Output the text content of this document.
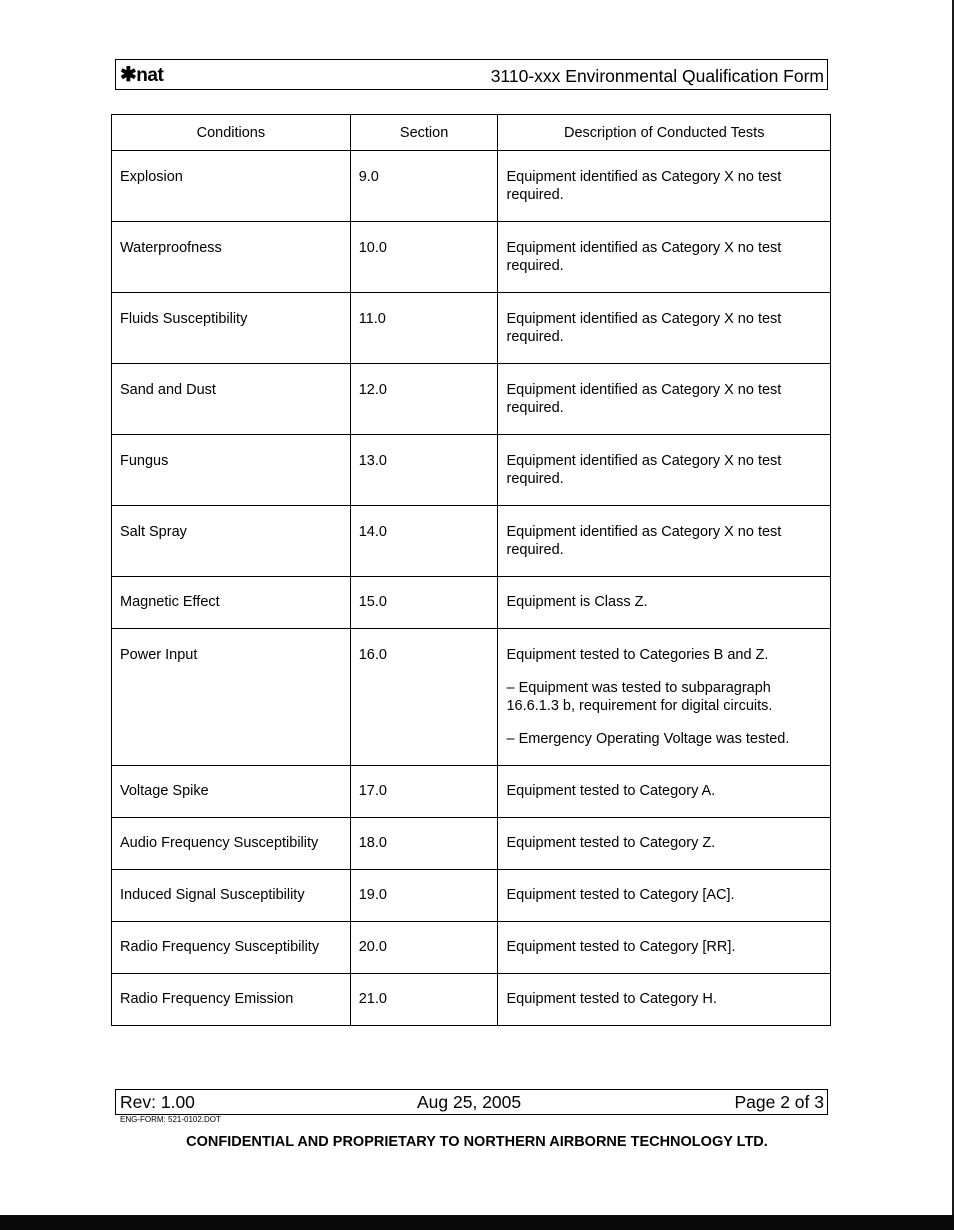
✱nat	3110-xxx Environmental Qualification Form
Conditions	Section	Description of Conducted Tests
Explosion	9.0	Equipment identified as Category X no test required.

Waterproofness	10.0	Equipment identified as Category X no test required.

Fluids Susceptibility	11.0	Equipment identified as Category X no test required.

Sand and Dust	12.0	Equipment identified as Category X no test required.

Fungus	13.0	Equipment identified as Category X no test required.

Salt Spray	14.0	Equipment identified as Category X no test required.

Magnetic Effect	15.0	Equipment is Class Z.

Power Input	16.0	Equipment tested to Categories B and Z.
– Equipment was tested to subparagraph 16.6.1.3 b, requirement for digital circuits.
– Emergency Operating Voltage was tested.

Voltage Spike	17.0	Equipment tested to Category A.

Audio Frequency Susceptibility	18.0	Equipment tested to Category Z.

Induced Signal Susceptibility	19.0	Equipment tested to Category [AC].

Radio Frequency Susceptibility	20.0	Equipment tested to Category [RR].

Radio Frequency Emission	21.0	Equipment tested to Category H.
Rev: 1.00	Aug 25, 2005	Page 2 of 3
ENG-FORM: 521-0102.DOT
CONFIDENTIAL AND PROPRIETARY TO NORTHERN AIRBORNE TECHNOLOGY LTD.
